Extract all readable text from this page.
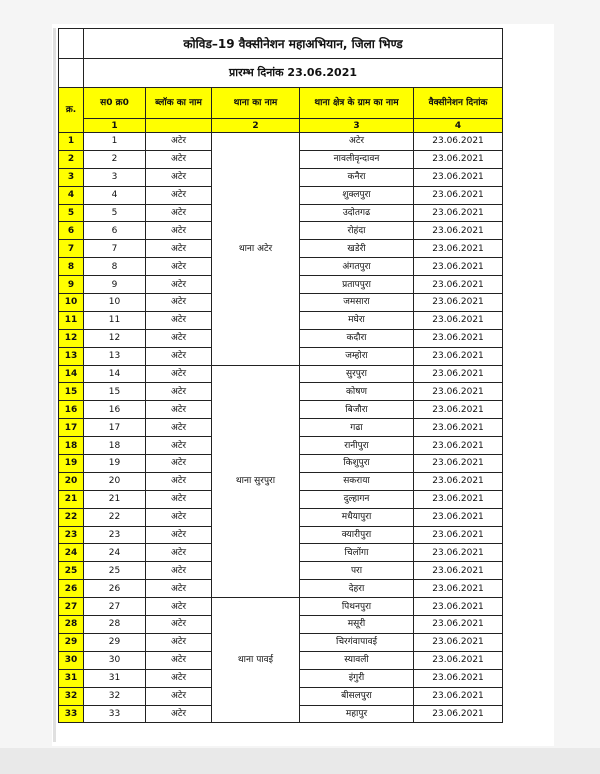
	कोविड–19 वैक्सीनेशन महाअभियान, जिला भिण्ड				
	प्रारम्भ दिनांक 23.06.2021				
क्र.	स0 क्र0	ब्लॉक का नाम	थाना का नाम	थाना क्षेत्र के ग्राम का नाम	वैक्सीनेशन दिनांक
	1		2	3	4
1	1	अटेर	थाना अटेर	अटेर	23.06.2021
2	2	अटेर		नावलीवृन्दावन	23.06.2021
3	3	अटेर		कनैरा	23.06.2021
4	4	अटेर		शुक्लपुरा	23.06.2021
5	5	अटेर		उदोतगढ	23.06.2021
6	6	अटेर		रोहंदा	23.06.2021
7	7	अटेर		खडेरी	23.06.2021
8	8	अटेर		अंगतपुरा	23.06.2021
9	9	अटेर		प्रतापपुरा	23.06.2021
10	10	अटेर		जमसारा	23.06.2021
11	11	अटेर		मघेरा	23.06.2021
12	12	अटेर		कदौरा	23.06.2021
13	13	अटेर		जम्होरा	23.06.2021
14	14	अटेर	थाना सुरपुरा	सुरपुरा	23.06.2021
15	15	अटेर		कोषण	23.06.2021
16	16	अटेर		बिजौरा	23.06.2021
17	17	अटेर		गढा	23.06.2021
18	18	अटेर		रानीपुरा	23.06.2021
19	19	अटेर		किशुपुरा	23.06.2021
20	20	अटेर		सकराया	23.06.2021
21	21	अटेर		दुल्हागन	23.06.2021
22	22	अटेर		मधैयापुरा	23.06.2021
23	23	अटेर		क्यारीपुरा	23.06.2021
24	24	अटेर		चिलोंगा	23.06.2021
25	25	अटेर		परा	23.06.2021
26	26	अटेर		देहरा	23.06.2021
27	27	अटेर	थाना पावई	पिथनपुरा	23.06.2021
28	28	अटेर		मसूरी	23.06.2021
29	29	अटेर		चिरगंवापावई	23.06.2021
30	30	अटेर		स्यावली	23.06.2021
31	31	अटेर		इंगुरी	23.06.2021
32	32	अटेर		बीसलपुरा	23.06.2021
33	33	अटेर		महापुर	23.06.2021
